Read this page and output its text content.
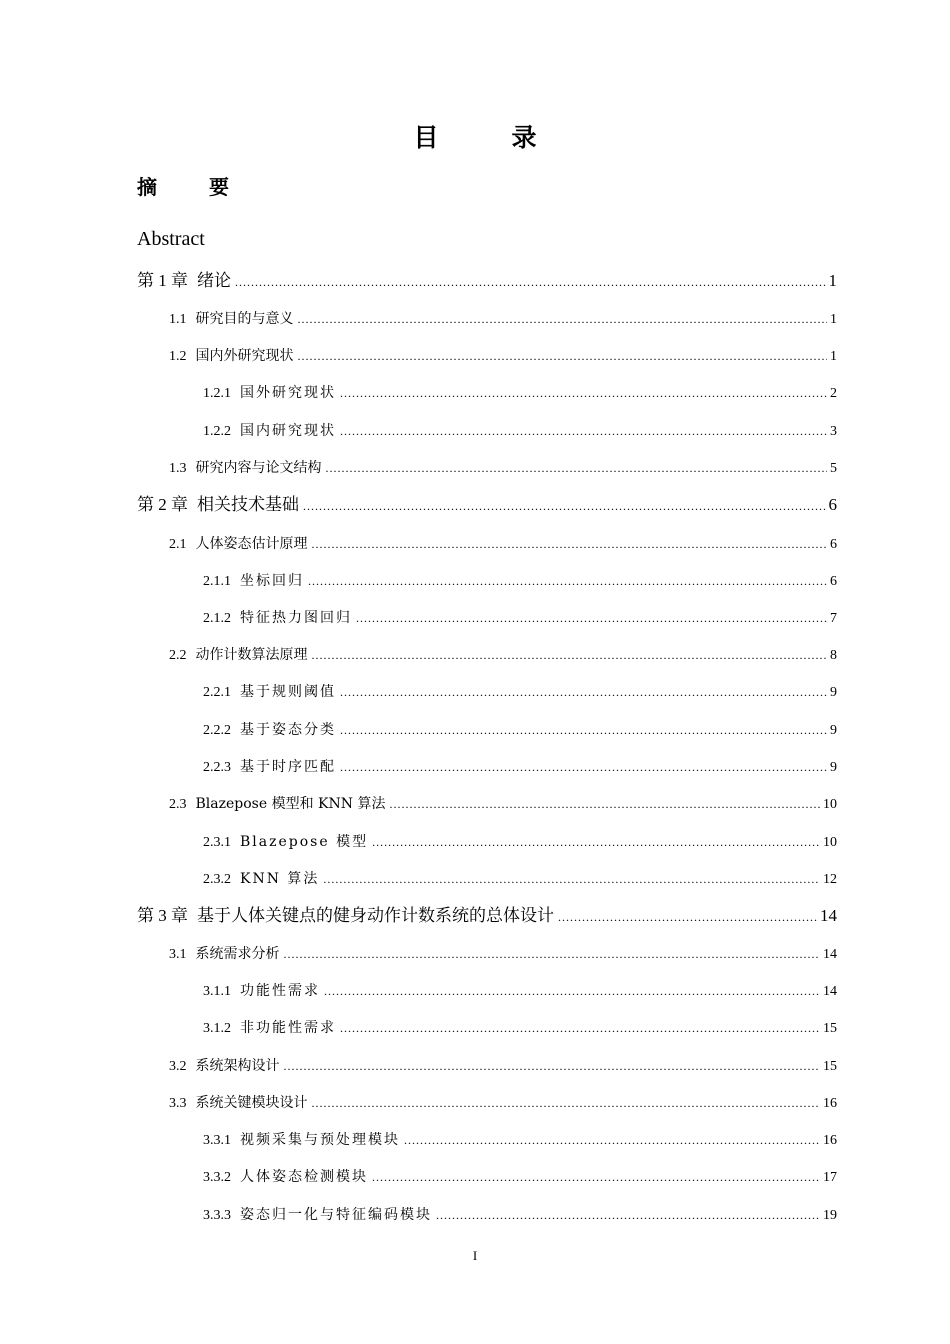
目　录
摘　要
Abstract
第 1 章 绪论 .....	1
1.1 研究目的与意义 .....	1
1.2 国内外研究现状 .....	1
1.2.1 国外研究现状 .....	2
1.2.2 国内研究现状 .....	3
1.3 研究内容与论文结构 .....	5
第 2 章 相关技术基础 .....	6
2.1 人体姿态估计原理 .....	6
2.1.1 坐标回归 .....	6
2.1.2 特征热力图回归 .....	7
2.2 动作计数算法原理 .....	8
2.2.1 基于规则阈值 .....	9
2.2.2 基于姿态分类 .....	9
2.2.3 基于时序匹配 .....	9
2.3 Blazepose 模型和 KNN 算法 .....	10
2.3.1 Blazepose 模型 .....	10
2.3.2 KNN 算法 .....	12
第 3 章 基于人体关键点的健身动作计数系统的总体设计 .....	14
3.1 系统需求分析 .....	14
3.1.1 功能性需求 .....	14
3.1.2 非功能性需求 .....	15
3.2 系统架构设计 .....	15
3.3 系统关键模块设计 .....	16
3.3.1 视频采集与预处理模块 .....	16
3.3.2 人体姿态检测模块 .....	17
3.3.3 姿态归一化与特征编码模块 .....	19
I
